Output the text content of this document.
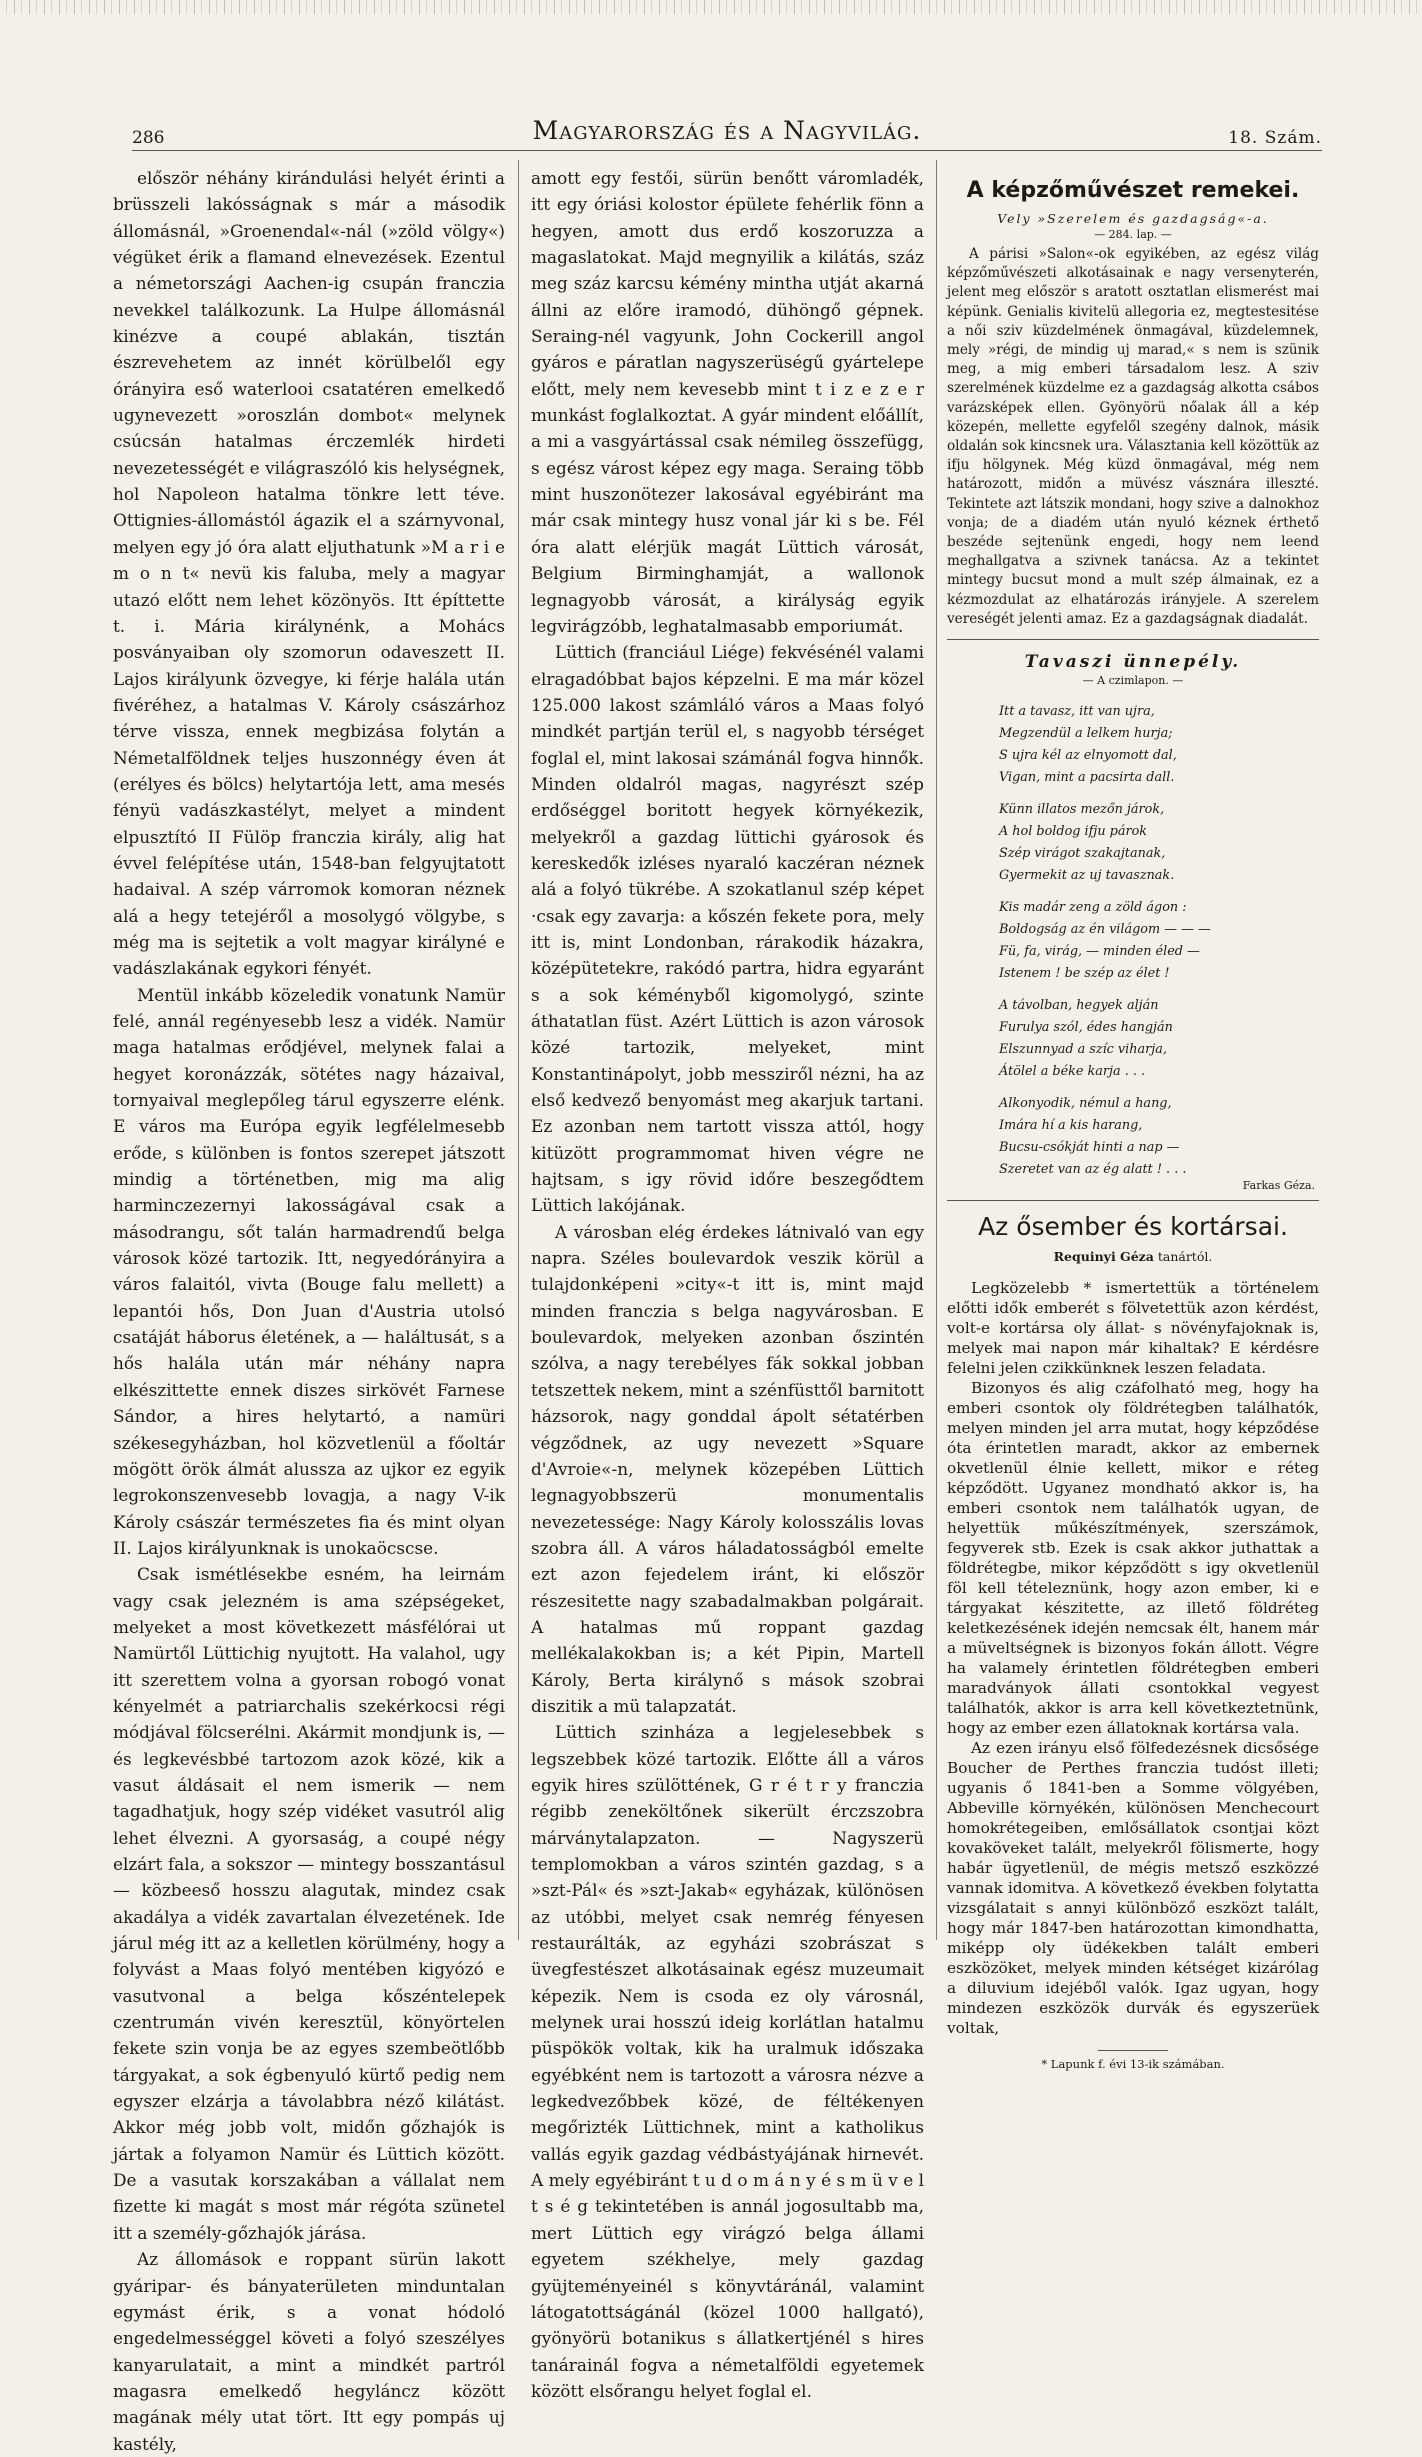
286	Magyarország és a Nagyvilág.	18. Szám.

először néhány kirándulási helyét érinti a brüsszeli lakósságnak s már a második állomásnál, »Groenendal«-nál (»zöld völgy«) végüket érik a flamand elnevezések. Ezentul a németországi Aachen-ig csupán franczia nevekkel találkozunk. La Hulpe állomásnál kinézve a coupé ablakán, tisztán észrevehetem az innét körülbelől egy órányira eső waterlooi csatatéren emelkedő ugynevezett »oroszlán dombot« melynek csúcsán hatalmas érczemlék hirdeti nevezetességét e világraszóló kis helységnek, hol Napoleon hatalma tönkre lett téve. Ottignies-állomástól ágazik el a szárnyvonal, melyen egy jó óra alatt eljuthatunk »M a r i e m o n t« nevü kis faluba, mely a magyar utazó előtt nem lehet közönyös. Itt építtette t. i. Mária királynénk, a Mohács posványaiban oly szomorun odaveszett II. Lajos királyunk özvegye, ki férje halála után fivéréhez, a hatalmas V. Károly császárhoz térve vissza, ennek megbizása folytán a Németalföldnek teljes huszonnégy éven át (erélyes és bölcs) helytartója lett, ama mesés fényü vadászkastélyt, melyet a mindent elpusztító II Fülöp franczia király, alig hat évvel felépítése után, 1548-ban felgyujtatott hadaival. A szép várromok komoran néznek alá a hegy tetejéről a mosolygó völgybe, s még ma is sejtetik a volt magyar királyné e vadászlakának egykori fényét.

Mentül inkább közeledik vonatunk Namür felé, annál regényesebb lesz a vidék. Namür maga hatalmas erődjével, melynek falai a hegyet koronázzák, sötétes nagy házaival, tornyaival meglepőleg tárul egyszerre elénk. E város ma Európa egyik legfélelmesebb erőde, s különben is fontos szerepet játszott mindig a történetben, mig ma alig harminczezernyi lakosságával csak a másodrangu, sőt talán harmadrendű belga városok közé tartozik. Itt, negyedórányira a város falaitól, vivta (Bouge falu mellett) a lepantói hős, Don Juan d'Austria utolsó csatáját háborus életének, a — haláltusát, s a hős halála után már néhány napra elkészittette ennek diszes sirkövét Farnese Sándor, a hires helytartó, a namüri székesegyházban, hol közvetlenül a főoltár mögött örök álmát alussza az ujkor ez egyik legrokonszenvesebb lovagja, a nagy V-ik Károly császár természetes fia és mint olyan II. Lajos királyunknak is unokaöcscse.

Csak ismétlésekbe esném, ha leirnám vagy csak jelezném is ama szépségeket, melyeket a most következett másfélórai ut Namürtől Lüttichig nyujtott. Ha valahol, ugy itt szerettem volna a gyorsan robogó vonat kényelmét a patriarchalis szekérkocsi régi módjával fölcserélni. Akármit mondjunk is, — és legkevésbbé tartozom azok közé, kik a vasut áldásait el nem ismerik — nem tagadhatjuk, hogy szép vidéket vasutról alig lehet élvezni. A gyorsaság, a coupé négy elzárt fala, a sokszor — mintegy bosszantásul — közbeeső hosszu alagutak, mindez csak akadálya a vidék zavartalan élvezetének. Ide járul még itt az a kelletlen körülmény, hogy a folyvást a Maas folyó mentében kigyózó e vasutvonal a belga kőszéntelepek czentrumán vivén keresztül, könyörtelen fekete szin vonja be az egyes szembeötlőbb tárgyakat, a sok égbenyuló kürtő pedig nem egyszer elzárja a távolabbra néző kilátást. Akkor még jobb volt, midőn gőzhajók is jártak a folyamon Namür és Lüttich között. De a vasutak korszakában a vállalat nem fizette ki magát s most már régóta szünetel itt a személy-gőzhajók járása.

Az állomások e roppant sürün lakott gyáripar- és bányaterületen minduntalan egymást érik, s a vonat hódoló engedelmességgel követi a folyó szeszélyes kanyarulatait, a mint a mindkét partról magasra emelkedő hegyláncz között magának mély utat tört. Itt egy pompás uj kastély,

amott egy festői, sürün benőtt váromladék, itt egy óriási kolostor épülete fehérlik fönn a hegyen, amott dus erdő koszoruzza a magaslatokat. Majd megnyilik a kilátás, száz meg száz karcsu kémény mintha utját akarná állni az előre iramodó, dühöngő gépnek. Seraing-nél vagyunk, John Cockerill angol gyáros e páratlan nagyszerüségű gyártelepe előtt, mely nem kevesebb mint t i z e z e r munkást foglalkoztat. A gyár mindent előállít, a mi a vasgyártással csak némileg összefügg, s egész várost képez egy maga. Seraing több mint huszonötezer lakosával egyébiránt ma már csak mintegy husz vonal jár ki s be. Fél óra alatt elérjük magát Lüttich városát, Belgium Birminghamját, a wallonok legnagyobb városát, a királyság egyik legvirágzóbb, leghatalmasabb emporiumát.

Lüttich (franciául Liége) fekvésénél valami elragadóbbat bajos képzelni. E ma már közel 125.000 lakost számláló város a Maas folyó mindkét partján terül el, s nagyobb térséget foglal el, mint lakosai számánál fogva hinnők. Minden oldalról magas, nagyrészt szép erdőséggel boritott hegyek környékezik, melyekről a gazdag lüttichi gyárosok és kereskedők izléses nyaraló kaczéran néznek alá a folyó tükrébe. A szokatlanul szép képet ·csak egy zavarja: a kőszén fekete pora, mely itt is, mint Londonban, rárakodik házakra, középütetekre, rakódó partra, hidra egyaránt s a sok kéményből kigomolygó, szinte áthatatlan füst. Azért Lüttich is azon városok közé tartozik, melyeket, mint Konstantinápolyt, jobb messziről nézni, ha az első kedvező benyomást meg akarjuk tartani. Ez azonban nem tartott vissza attól, hogy kitüzött programmomat hiven végre ne hajtsam, s igy rövid időre beszegődtem Lüttich lakójának.

A városban elég érdekes látnivaló van egy napra. Széles boulevardok veszik körül a tulajdonképeni »city«-t itt is, mint majd minden franczia s belga nagyvárosban. E boulevardok, melyeken azonban őszintén szólva, a nagy terebélyes fák sokkal jobban tetszettek nekem, mint a szénfüsttől barnitott házsorok, nagy gonddal ápolt sétatérben végződnek, az ugy nevezett »Square d'Avroie«-n, melynek közepében Lüttich legnagyobbszerü monumentalis nevezetessége: Nagy Károly kolosszális lovas szobra áll. A város háladatosságból emelte ezt azon fejedelem iránt, ki először részesitette nagy szabadalmakban polgárait. A hatalmas mű roppant gazdag mellékalakokban is; a két Pipin, Martell Károly, Berta királynő s mások szobrai diszitik a mü talapzatát.

Lüttich szinháza a legjelesebbek s legszebbek közé tartozik. Előtte áll a város egyik hires szülöttének, G r é t r y franczia régibb zeneköltőnek sikerült érczszobra márványtalapzaton. — Nagyszerü templomokban a város szintén gazdag, s a »szt-Pál« és »szt-Jakab« egyházak, különösen az utóbbi, melyet csak nemrég fényesen restaurálták, az egyházi szobrászat s üvegfestészet alkotásainak egész muzeumait képezik. Nem is csoda ez oly városnál, melynek urai hosszú ideig korlátlan hatalmu püspökök voltak, kik ha uralmuk időszaka egyébként nem is tartozott a városra nézve a legkedvezőbbek közé, de féltékenyen megőrizték Lüttichnek, mint a katholikus vallás egyik gazdag védbástyájának hirnevét. A mely egyébiránt t u d o m á n y é s m ü v e l t s é g tekintetében is annál jogosultabb ma, mert Lüttich egy virágzó belga állami egyetem székhelye, mely gazdag gyüjteményeinél s könyvtáránál, valamint látogatottságánál (közel 1000 hallgató), gyönyörü botanikus s állatkertjénél s hires tanárainál fogva a németalföldi egyetemek között elsőrangu helyet foglal el.

A képzőművészet remekei.
Vely »Szerelem és gazdagság«-a.
— 284. lap. —

A párisi »Salon«-ok egyikében, az egész világ képzőművészeti alkotásainak e nagy versenyterén, jelent meg először s aratott osztatlan elismerést mai képünk. Genialis kivitelü allegoria ez, megtestesitése a női sziv küzdelmének önmagával, küzdelemnek, mely »régi, de mindig uj marad,« s nem is szünik meg, a mig emberi társadalom lesz. A sziv szerelmének küzdelme ez a gazdagság alkotta csábos varázsképek ellen. Gyönyörü nőalak áll a kép közepén, mellette egyfelől szegény dalnok, másik oldalán sok kincsnek ura. Választania kell közöttük az ifju hölgynek. Még küzd önmagával, még nem határozott, midőn a müvész vásznára illeszté. Tekintete azt látszik mondani, hogy szive a dalnokhoz vonja; de a diadém után nyuló kéznek érthető beszéde sejtenünk engedi, hogy nem leend meghallgatva a szivnek tanácsa. Az a tekintet mintegy bucsut mond a mult szép álmainak, ez a kézmozdulat az elhatározás irányjele. A szerelem vereségét jelenti amaz. Ez a gazdagságnak diadalát.

Tavaszi ünnepély.
— A czimlapon. —
Itt a tavasz, itt van ujra,
Megzendül a lelkem hurja;
S ujra kél az elnyomott dal,
Vigan, mint a pacsirta dall.
Künn illatos mezőn járok,
A hol boldog ifju párok
Szép virágot szakajtanak,
Gyermekit az uj tavasznak.
Kis madár zeng a zöld ágon :
Boldogság az én világom — — —
Fü, fa, virág, — minden éled —
Istenem ! be szép az élet !
A távolban, hegyek alján
Furulya szól, édes hangján
Elszunnyad a szíc viharja,
Átölel a béke karja . . .
Alkonyodik, némul a hang,
Imára hí a kis harang,
Bucsu-csókját hinti a nap —
Szeretet van az ég alatt ! . . .
Farkas Géza.
Az ősember és kortársai.
Requinyi Géza tanártól.

Legközelebb * ismertettük a történelem előtti idők emberét s fölvetettük azon kérdést, volt-e kortársa oly állat- s növényfajoknak is, melyek mai napon már kihaltak? E kérdésre felelni jelen czikkünknek leszen feladata.

Bizonyos és alig czáfolható meg, hogy ha emberi csontok oly földrétegben találhatók, melyen minden jel arra mutat, hogy képződése óta érintetlen maradt, akkor az embernek okvetlenül élnie kellett, mikor e réteg képződött. Ugyanez mondható akkor is, ha emberi csontok nem találhatók ugyan, de helyettük műkészítmények, szerszámok, fegyverek stb. Ezek is csak akkor juthattak a földrétegbe, mikor képződött s igy okvetlenül föl kell tételeznünk, hogy azon ember, ki e tárgyakat készitette, az illető földréteg keletkezésének idején nemcsak élt, hanem már a müveltségnek is bizonyos fokán állott. Végre ha valamely érintetlen földrétegben emberi maradványok állati csontokkal vegyest találhatók, akkor is arra kell következtetnünk, hogy az ember ezen állatoknak kortársa vala.

Az ezen irányu első fölfedezésnek dicsősége Boucher de Perthes franczia tudóst illeti; ugyanis ő 1841-ben a Somme völgyében, Abbeville környékén, különösen Menchecourt homokrétegeiben, emlősállatok csontjai közt kovaköveket talált, melyekről fölismerte, hogy habár ügyetlenül, de mégis metsző eszközzé vannak idomitva. A következő években folytatta vizsgálatait s annyi különböző eszközt talált, hogy már 1847-ben határozottan kimondhatta, miképp oly üdékekben talált emberi eszközöket, melyek minden kétséget kizárólag a diluvium idejéből valók. Igaz ugyan, hogy mindezen eszközök durvák és egyszerüek voltak,

* Lapunk f. évi 13-ik számában.
